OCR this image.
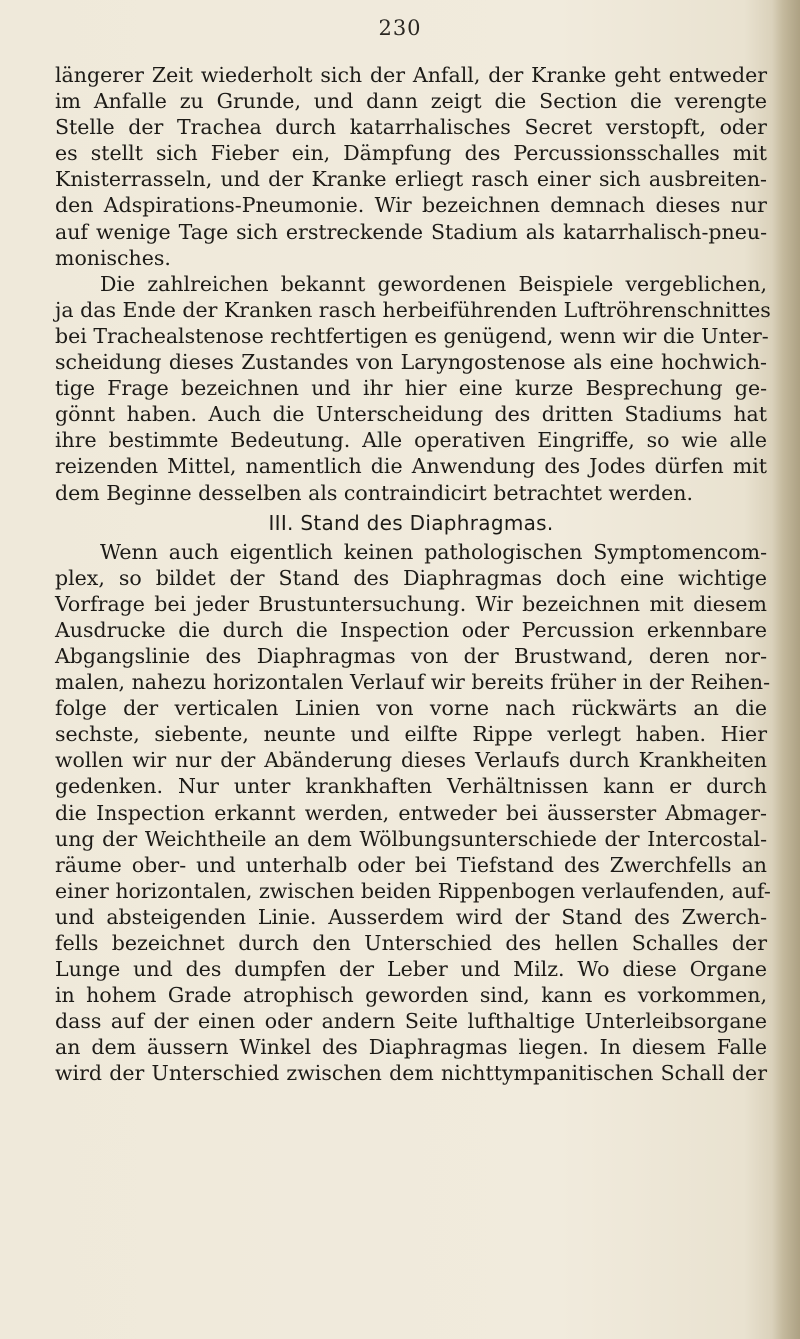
230

längerer Zeit wiederholt sich der Anfall, der Kranke geht entweder
im Anfalle zu Grunde, und dann zeigt die Section die verengte
Stelle der Trachea durch katarrhalisches Secret verstopft, oder
es stellt sich Fieber ein, Dämpfung des Percussionsschalles mit
Knisterrasseln, und der Kranke erliegt rasch einer sich ausbreiten-
den Adspirations-Pneumonie. Wir bezeichnen demnach dieses nur
auf wenige Tage sich erstreckende Stadium als katarrhalisch-pneu-
monisches.

Die zahlreichen bekannt gewordenen Beispiele vergeblichen,
ja das Ende der Kranken rasch herbeiführenden Luftröhrenschnittes
bei Trachealstenose rechtfertigen es genügend, wenn wir die Unter-
scheidung dieses Zustandes von Laryngostenose als eine hochwich-
tige Frage bezeichnen und ihr hier eine kurze Besprechung ge-
gönnt haben. Auch die Unterscheidung des dritten Stadiums hat
ihre bestimmte Bedeutung. Alle operativen Eingriffe, so wie alle
reizenden Mittel, namentlich die Anwendung des Jodes dürfen mit
dem Beginne desselben als contraindicirt betrachtet werden.

III. Stand des Diaphragmas.

Wenn auch eigentlich keinen pathologischen Symptomencom-
plex, so bildet der Stand des Diaphragmas doch eine wichtige
Vorfrage bei jeder Brustuntersuchung. Wir bezeichnen mit diesem
Ausdrucke die durch die Inspection oder Percussion erkennbare
Abgangslinie des Diaphragmas von der Brustwand, deren nor-
malen, nahezu horizontalen Verlauf wir bereits früher in der Reihen-
folge der verticalen Linien von vorne nach rückwärts an die
sechste, siebente, neunte und eilfte Rippe verlegt haben. Hier
wollen wir nur der Abänderung dieses Verlaufs durch Krankheiten
gedenken. Nur unter krankhaften Verhältnissen kann er durch
die Inspection erkannt werden, entweder bei äusserster Abmager-
ung der Weichtheile an dem Wölbungsunterschiede der Intercostal-
räume ober- und unterhalb oder bei Tiefstand des Zwerchfells an
einer horizontalen, zwischen beiden Rippenbogen verlaufenden, auf-
und absteigenden Linie. Ausserdem wird der Stand des Zwerch-
fells bezeichnet durch den Unterschied des hellen Schalles der
Lunge und des dumpfen der Leber und Milz. Wo diese Organe
in hohem Grade atrophisch geworden sind, kann es vorkommen,
dass auf der einen oder andern Seite lufthaltige Unterleibsorgane
an dem äussern Winkel des Diaphragmas liegen. In diesem Falle
wird der Unterschied zwischen dem nichttympanitischen Schall der
